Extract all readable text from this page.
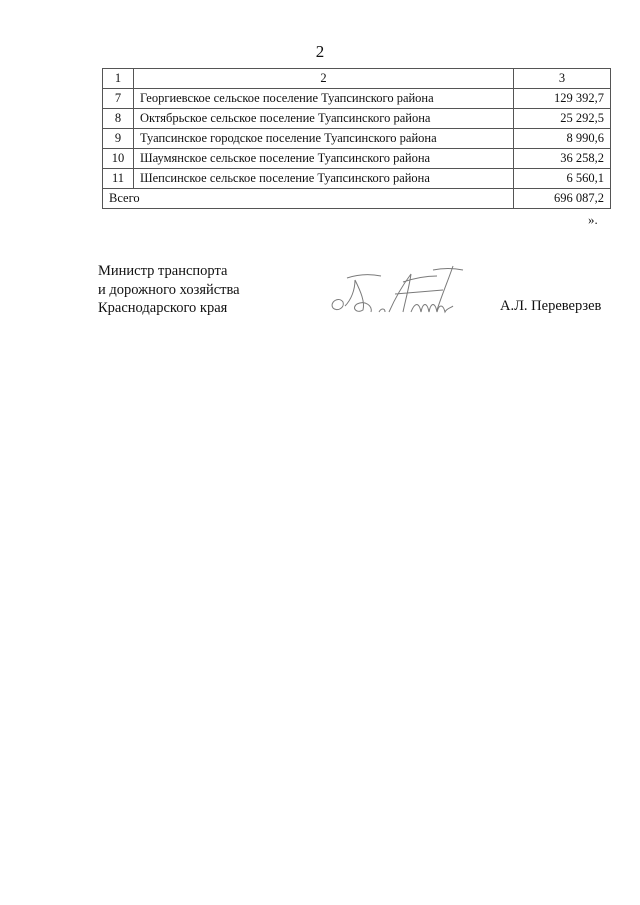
2
1	2	3
7	Георгиевское сельское поселение Туапсинского района	129 392,7
8	Октябрьское сельское поселение Туапсинского района	25 292,5
9	Туапсинское городское поселение Туапсинского района	8 990,6
10	Шаумянское сельское поселение Туапсинского района	36 258,2
11	Шепсинское сельское поселение Туапсинского района	6 560,1
Всего		696 087,2
».
Министр транспорта
и дорожного хозяйства
Краснодарского края	А.Л. Переверзев
